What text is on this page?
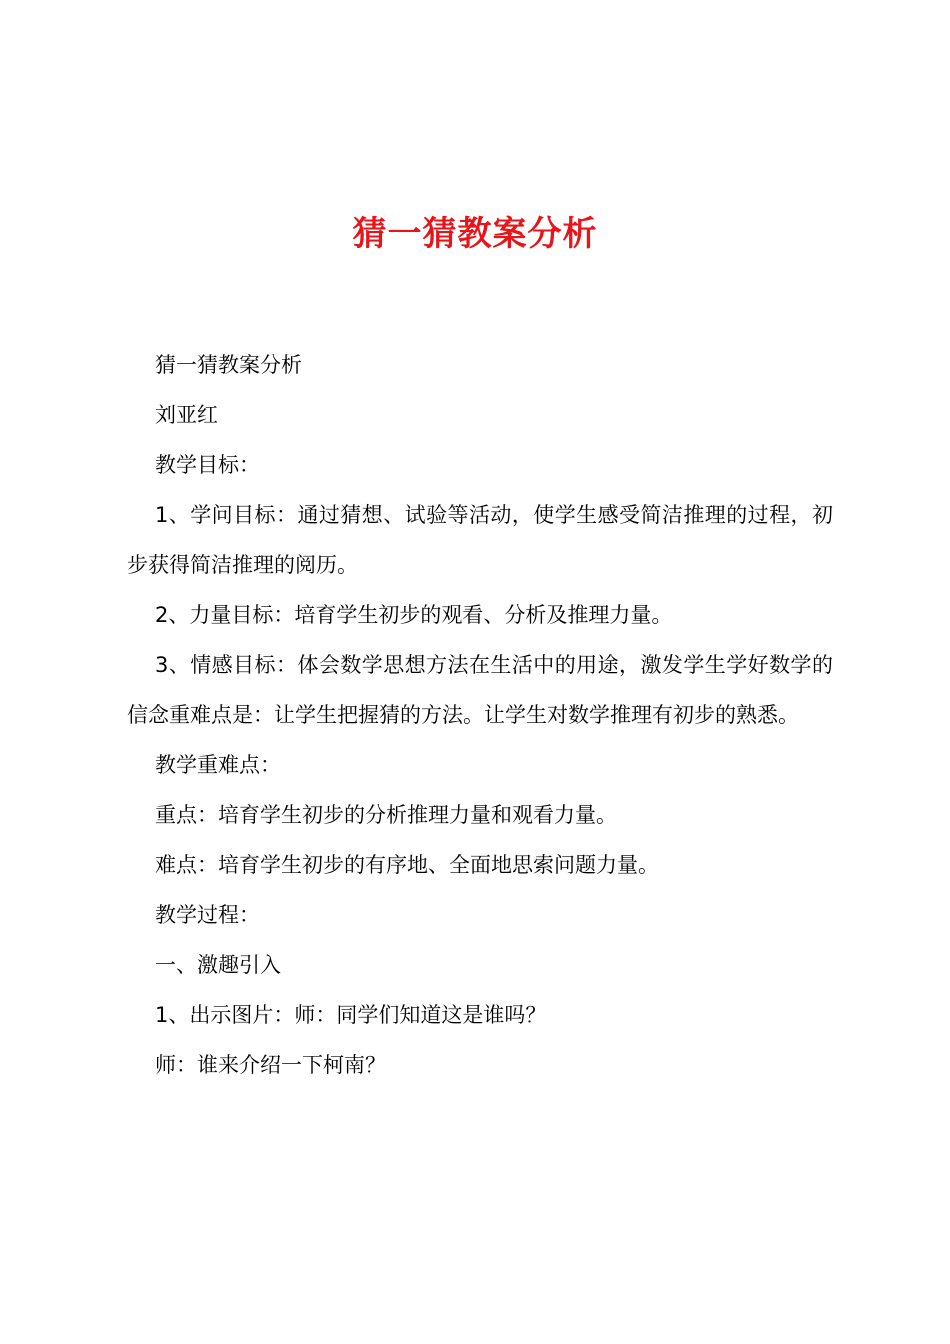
猜一猜教案分析

猜一猜教案分析

刘亚红

教学目标：

1、学问目标：通过猜想、试验等活动，使学生感受简洁推理的过程，初步获得简洁推理的阅历。

2、力量目标：培育学生初步的观看、分析及推理力量。

3、情感目标：体会数学思想方法在生活中的用途，激发学生学好数学的信念重难点是：让学生把握猜的方法。让学生对数学推理有初步的熟悉。

教学重难点：

重点：培育学生初步的分析推理力量和观看力量。

难点：培育学生初步的有序地、全面地思索问题力量。

教学过程：

一、激趣引入

1、出示图片：师：同学们知道这是谁吗？

师：谁来介绍一下柯南？
